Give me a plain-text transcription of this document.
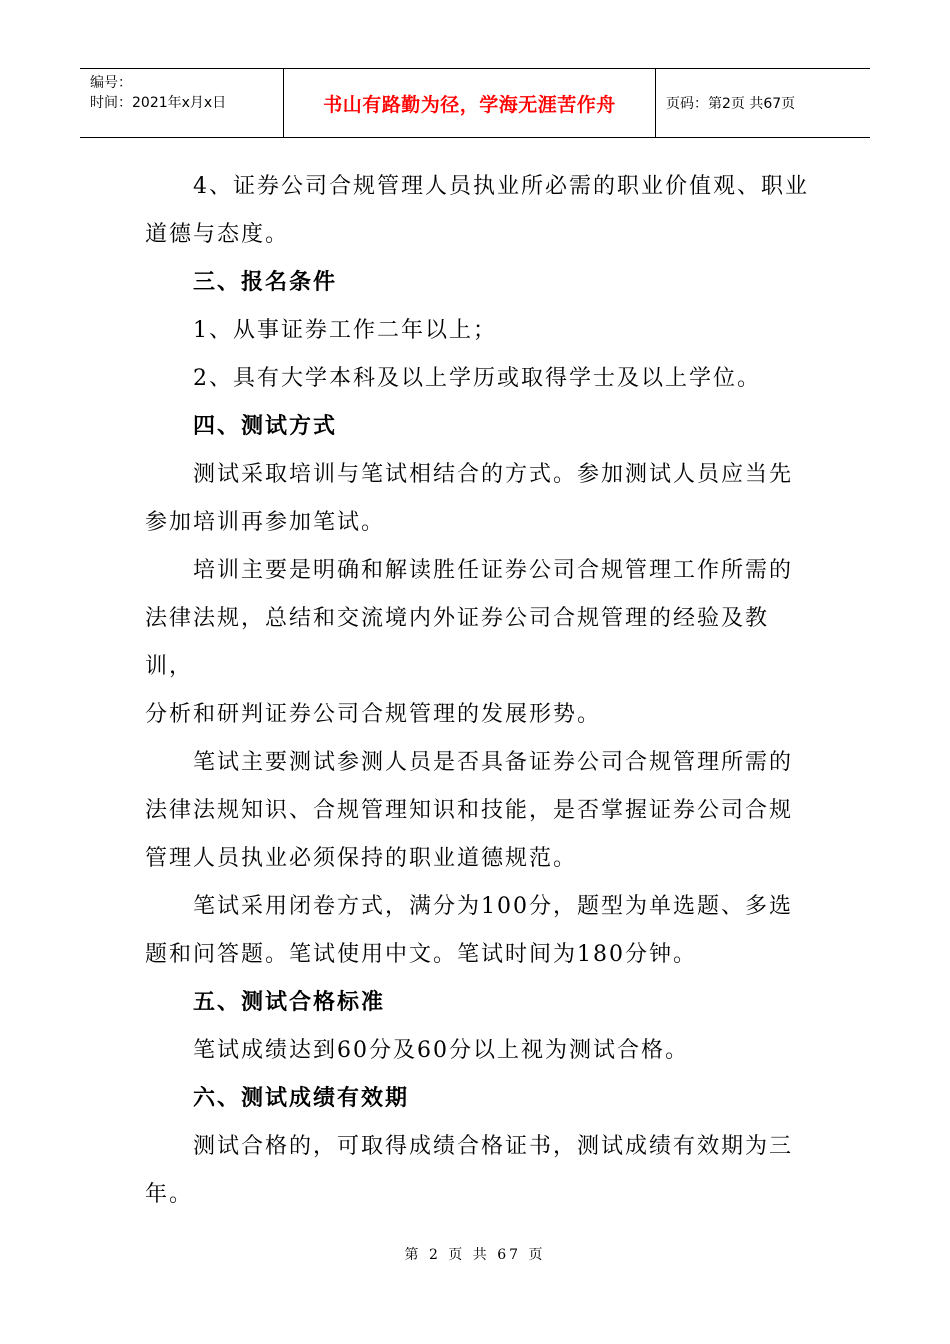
编号：
时间：2021年x月x日	书山有路勤为径，学海无涯苦作舟	页码：第2页 共67页

4、证券公司合规管理人员执业所必需的职业价值观、职业

道德与态度。

三、报名条件

1、从事证券工作二年以上；

2、具有大学本科及以上学历或取得学士及以上学位。

四、测试方式

测试采取培训与笔试相结合的方式。参加测试人员应当先

参加培训再参加笔试。

培训主要是明确和解读胜任证券公司合规管理工作所需的

法律法规，总结和交流境内外证券公司合规管理的经验及教训，

分析和研判证券公司合规管理的发展形势。

笔试主要测试参测人员是否具备证券公司合规管理所需的

法律法规知识、合规管理知识和技能，是否掌握证券公司合规

管理人员执业必须保持的职业道德规范。

笔试采用闭卷方式，满分为100分，题型为单选题、多选

题和问答题。笔试使用中文。笔试时间为180分钟。

五、测试合格标准

笔试成绩达到60分及60分以上视为测试合格。

六、测试成绩有效期

测试合格的，可取得成绩合格证书，测试成绩有效期为三

年。

第 2 页 共 67 页
